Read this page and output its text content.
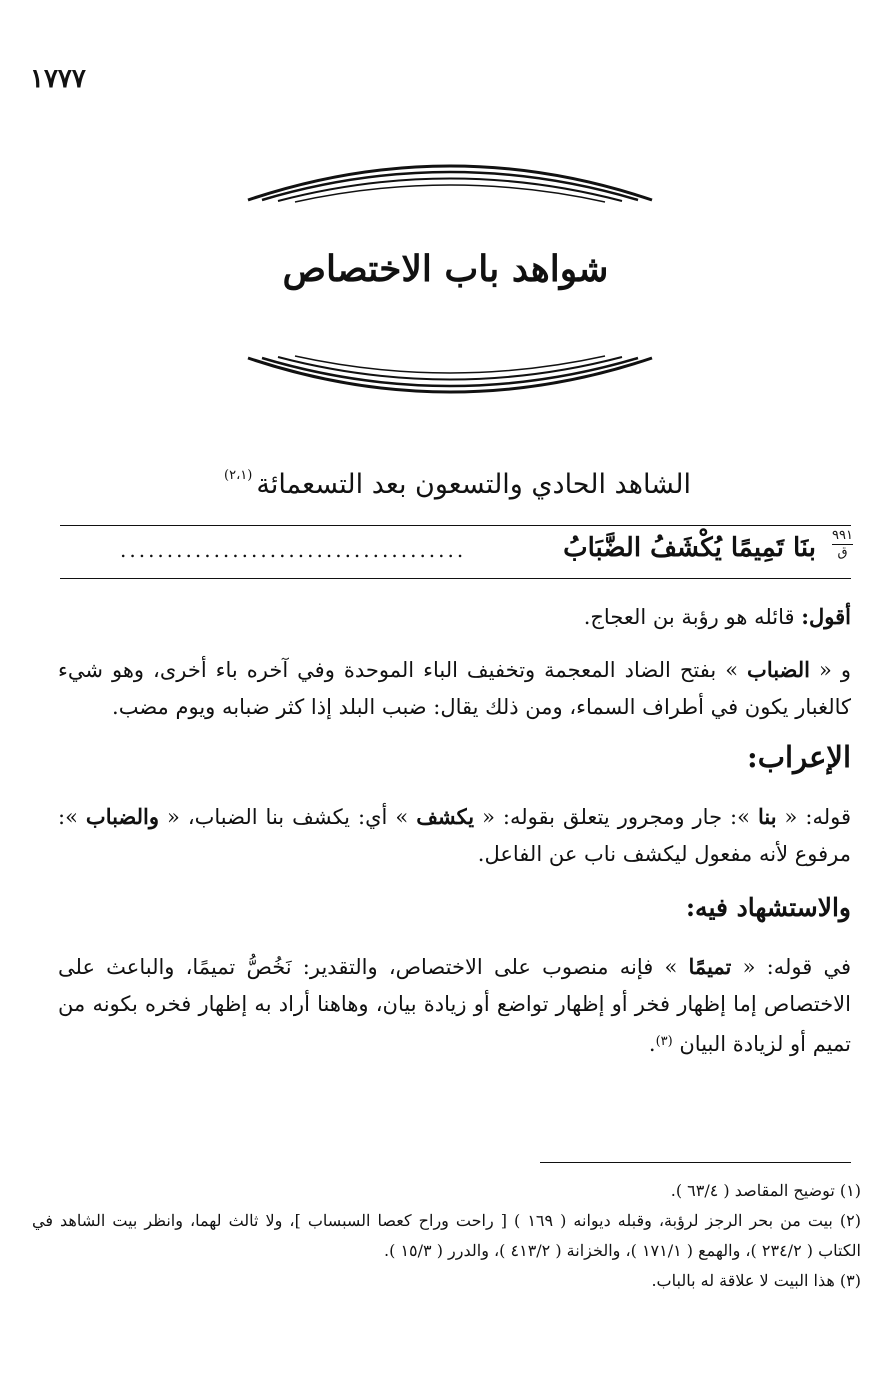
١٧٧٧
شواهد باب الاختصاص
الشاهد الحادي والتسعون بعد التسعمائة$^{(٢،١)}$
٩٩١
ق
بنَا تَمِيمًا يُكْشَفُ الضَّبَابُ
.....................................
أقول: قائله هو رؤبة بن العجاج.
و « الضباب » بفتح الضاد المعجمة وتخفيف الباء الموحدة وفي آخره باء أخرى، وهو شيء كالغبار يكون في أطراف السماء، ومن ذلك يقال: ضبب البلد إذا كثر ضبابه ويوم مضب.
الإعراب:
قوله: « بنا »: جار ومجرور يتعلق بقوله: « يكشف » أي: يكشف بنا الضباب، « والضباب »: مرفوع لأنه مفعول ليكشف ناب عن الفاعل.
والاستشهاد فيه:
في قوله: « تميمًا » فإنه منصوب على الاختصاص، والتقدير: نَخُصُّ تميمًا، والباعث على الاختصاص إما إظهار فخر أو إظهار تواضع أو زيادة بيان، وهاهنا أراد به إظهار فخره بكونه من تميم أو لزيادة البيان $^{(٣)}$.

(١) توضيح المقاصد ( ٦٣/٤ ).

(٢) بيت من بحر الرجز لرؤبة، وقبله ديوانه ( ١٦٩ ) [ راحت وراح كعصا السبساب ]، ولا ثالث لهما، وانظر بيت الشاهد في الكتاب ( ٢٣٤/٢ )، والهمع ( ١٧١/١ )، والخزانة ( ٤١٣/٢ )، والدرر ( ١٥/٣ ).

(٣) هذا البيت لا علاقة له بالباب.
